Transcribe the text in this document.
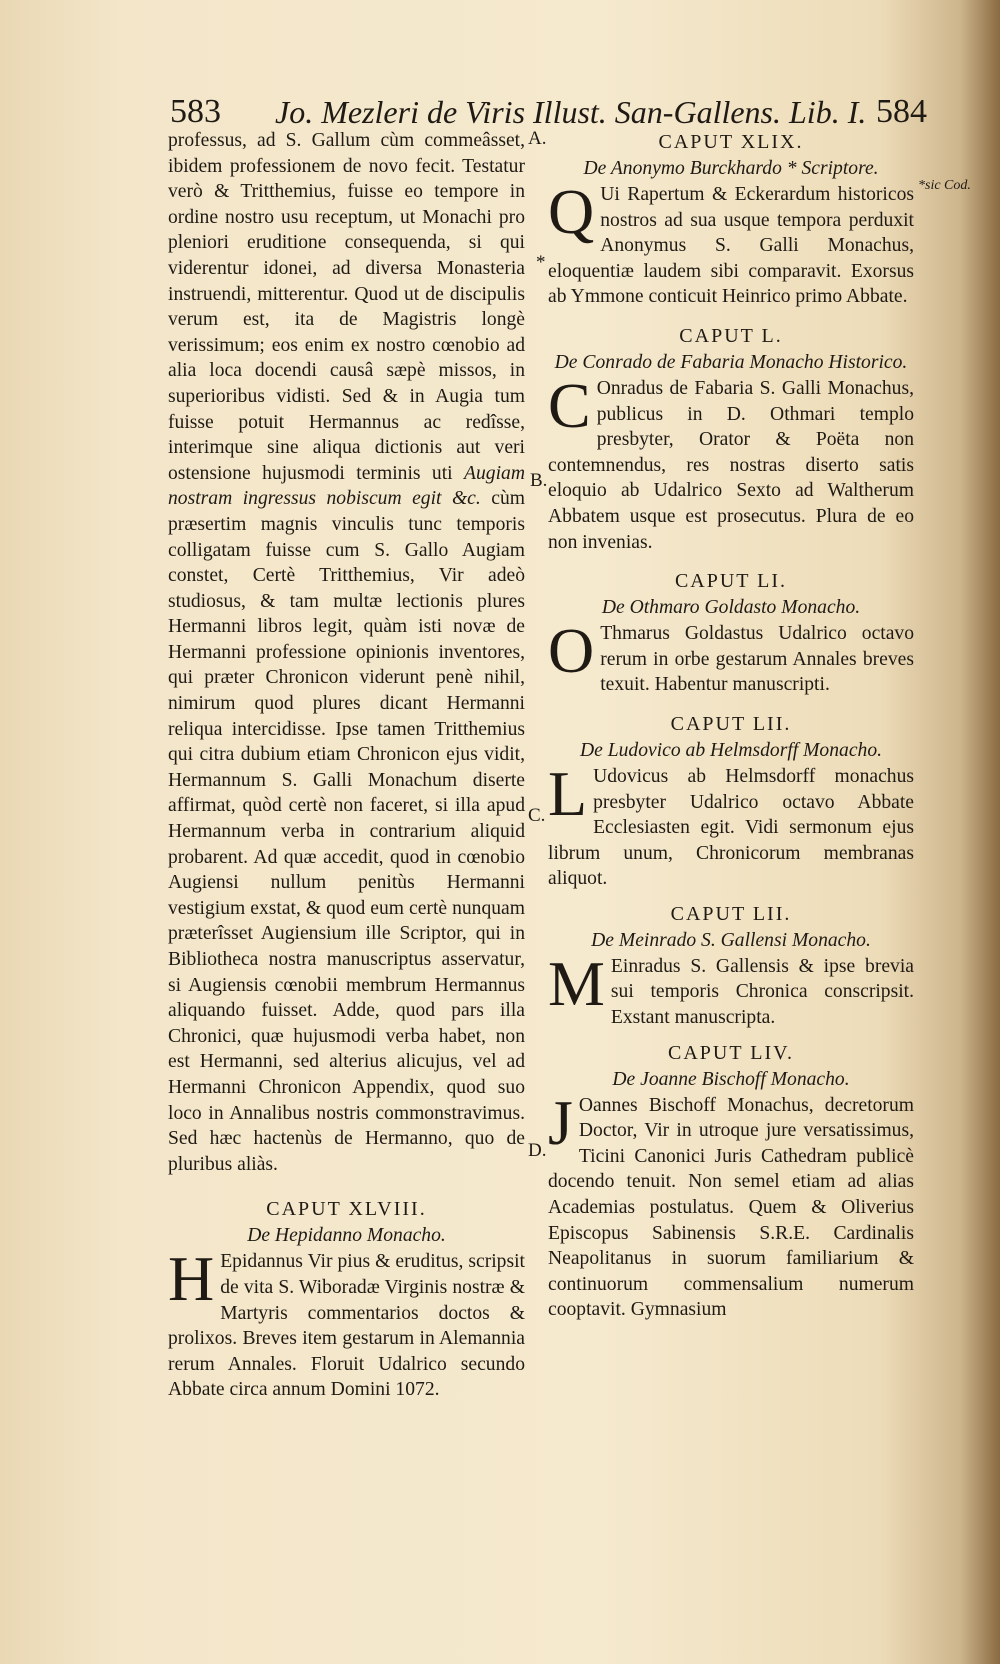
583 Jo. Mezleri de Viris Illust. San-Gallens. Lib. I. 584
A.
B.
C.
D.
*
*sic Cod.

professus, ad S. Gallum cùm commeâsset, ibidem professionem de novo fecit. Testatur verò & Tritthemius, fuisse eo tempore in ordine nostro usu receptum, ut Monachi pro pleniori eruditione consequenda, si qui viderentur idonei, ad diversa Monasteria instruendi, mitterentur. Quod ut de discipulis verum est, ita de Magistris longè verissimum; eos enim ex nostro cœnobio ad alia loca docendi causâ sæpè missos, in superioribus vidisti. Sed & in Augia tum fuisse potuit Hermannus ac redîsse, interimque sine aliqua dictionis aut veri ostensione hujusmodi terminis uti Augiam nostram ingressus nobiscum egit &c. cùm præsertim magnis vinculis tunc temporis colligatam fuisse cum S. Gallo Augiam constet, Certè Tritthemius, Vir adeò studiosus, & tam multæ lectionis plures Hermanni libros legit, quàm isti novæ de Hermanni professione opinionis inventores, qui præter Chronicon viderunt penè nihil, nimirum quod plures dicant Hermanni reliqua intercidisse. Ipse tamen Tritthemius qui citra dubium etiam Chronicon ejus vidit, Hermannum S. Galli Monachum diserte affirmat, quòd certè non faceret, si illa apud Hermannum verba in contrarium aliquid probarent. Ad quæ accedit, quod in cœnobio Augiensi nullum penitùs Hermanni vestigium exstat, & quod eum certè nunquam præterîsset Augiensium ille Scriptor, qui in Bibliotheca nostra manuscriptus asservatur, si Augiensis cœnobii membrum Hermannus aliquando fuisset. Adde, quod pars illa Chronici, quæ hujusmodi verba habet, non est Hermanni, sed alterius alicujus, vel ad Hermanni Chronicon Appendix, quod suo loco in Annalibus nostris commonstravimus. Sed hæc hactenùs de Hermanno, quo de pluribus aliàs.

CAPUT XLVIII.

De Hepidanno Monacho.

H Epidannus Vir pius & eruditus, scripsit de vita S. Wiboradæ Virginis nostræ & Martyris commentarios doctos & prolixos. Breves item gestarum in Alemannia rerum Annales. Floruit Udalrico secundo Abbate circa annum Domini 1072.

CAPUT XLIX.

De Anonymo Burckhardo * Scriptore.

Q Ui Rapertum & Eckerardum historicos nostros ad sua usque tempora perduxit Anonymus S. Galli Monachus, eloquentiæ laudem sibi comparavit. Exorsus ab Ymmone conticuit Heinrico primo Abbate.

CAPUT L.

De Conrado de Fabaria Monacho Historico.

C Onradus de Fabaria S. Galli Monachus, publicus in D. Othmari templo presbyter, Orator & Poëta non contemnendus, res nostras diserto satis eloquio ab Udalrico Sexto ad Waltherum Abbatem usque est prosecutus. Plura de eo non invenias.

CAPUT LI.

De Othmaro Goldasto Monacho.

O Thmarus Goldastus Udalrico octavo rerum in orbe gestarum Annales breves texuit. Habentur manuscripti.

CAPUT LII.

De Ludovico ab Helmsdorff Monacho.

L Udovicus ab Helmsdorff monachus presbyter Udalrico octavo Abbate Ecclesiasten egit. Vidi sermonum ejus librum unum, Chronicorum membranas aliquot.

CAPUT LII.

De Meinrado S. Gallensi Monacho.

M Einradus S. Gallensis & ipse brevia sui temporis Chronica conscripsit. Exstant manuscripta.

CAPUT LIV.

De Joanne Bischoff Monacho.

J Oannes Bischoff Monachus, decretorum Doctor, Vir in utroque jure versatissimus, Ticini Canonici Juris Cathedram publicè docendo tenuit. Non semel etiam ad alias Academias postulatus. Quem & Oliverius Episcopus Sabinensis S.R.E. Cardinalis Neapolitanus in suorum familiarium & continuorum commensalium numerum cooptavit. Gymnasium
